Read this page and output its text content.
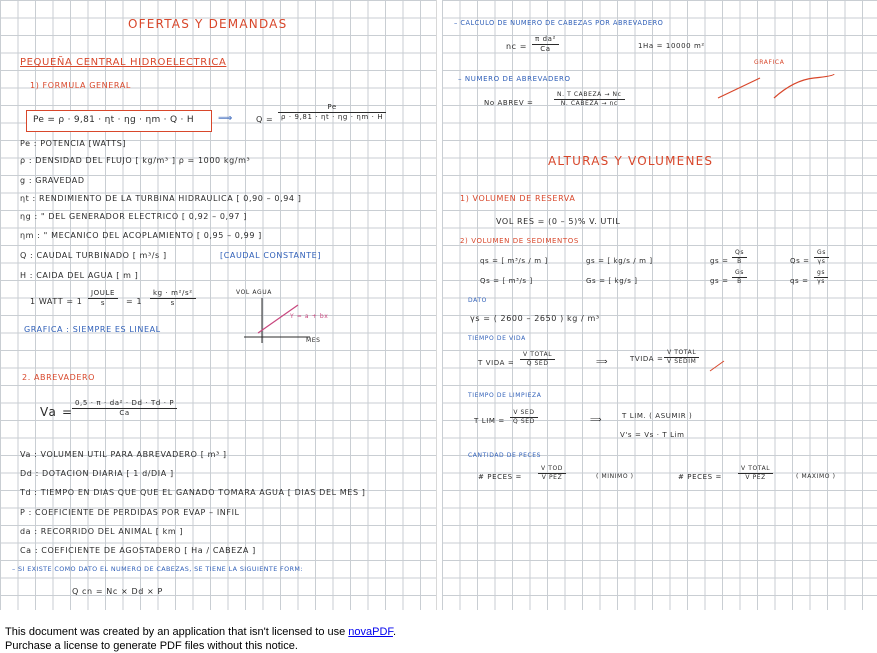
OFERTAS Y DEMANDAS
PEQUEÑA CENTRAL HIDROELECTRICA
1) FORMULA GENERAL
Pe = ρ · 9,81 · ηt · ηg · ηm · Q · H ⟹	$Q = \frac{Pe}{\rho \cdot 9,81 \cdot \eta t \cdot \eta g \cdot \eta m \cdot H}$
Pe : POTENCIA [WATTS]
ρ : DENSIDAD DEL FLUJO [ kg/m³ ] ρ = 1000 kg/m³
g : GRAVEDAD
ηt : RENDIMIENTO DE LA TURBINA HIDRAULICA [ 0,90 – 0,94 ]
ηg : " DEL GENERADOR ELECTRICO [ 0,92 – 0,97 ]
ηm : " MECANICO DEL ACOPLAMIENTO [ 0,95 – 0,99 ]
Q : CAUDAL TURBINADO [ m³/s ]	[CAUDAL CONSTANTE]
H : CAIDA DEL AGUA [ m ]
1 WATT = 1
JOULE
s	= $1 \frac{\text{kg · m²/s²}}{s}$
GRAFICA : SIEMPRE ES LINEAL
VOL AGUA
MES
Y = a + bx
2. ABREVADERO
Va =
$\frac{\text{0,5 · π · da² · Dd · Td · P}}{Ca}$
Va : VOLUMEN UTIL PARA ABREVADERO [ m³ ]
Dd : DOTACION DIARIA [ 1 d/DIA ]
Td : TIEMPO EN DIAS QUE QUE EL GANADO TOMARA AGUA [ DIAS DEL MES ]
P : COEFICIENTE DE PERDIDAS POR EVAP – INFIL
da : RECORRIDO DEL ANIMAL [ km ]
Ca : COEFICIENTE DE AGOSTADERO [ Ha / CABEZA ]
– SI EXISTE COMO DATO EL NUMERO DE CABEZAS, SE TIENE LA SIGUIENTE FORM:
Q cn = Nc × Dd × P
– CALCULO DE NUMERO DE CABEZAS POR ABREVADERO
nc = $\frac{\text{π da²}}{Ca}$	1Ha = 10000 m²
GRAFICA
– NUMERO DE ABREVADERO
No ABREV =
N. T CABEZA → Nc
N. CABEZA → nc
ALTURAS Y VOLUMENES
1) VOLUMEN DE RESERVA
VOL RES = (0 – 5)% V. UTIL
2) VOLUMEN DE SEDIMENTOS
qs = [ m³/s / m ]	gs = [ kg/s / m ]	gs = $\frac{Qs}{B}$	$Qs = \frac{Gs}{\gamma s}$
Qs = [ m³/s ]	Gs = [ kg/s ]	gs = $\frac{Gs}{B}$	qs = $\frac{gs}{\gamma s}$
DATO
γs = ( 2600 – 2650 ) kg / m³
TIEMPO DE VIDA
T VIDA =
V TOTAL
Q SED	⟹	TVIDA =
V TOTAL
V SEDIM
TIEMPO DE LIMPIEZA
T LIM =
V SED
Q SED	⟹	T LIM. ( ASUMIR )
V's = Vs · T Lim
CANTIDAD DE PECES
# PECES =
V TOD
V PEZ	( MINIMO )	# PECES =
V TOTAL
V PEZ	( MAXIMO )
This document was created by an application that isn't licensed to use novaPDF.
Purchase a license to generate PDF files without this notice.
